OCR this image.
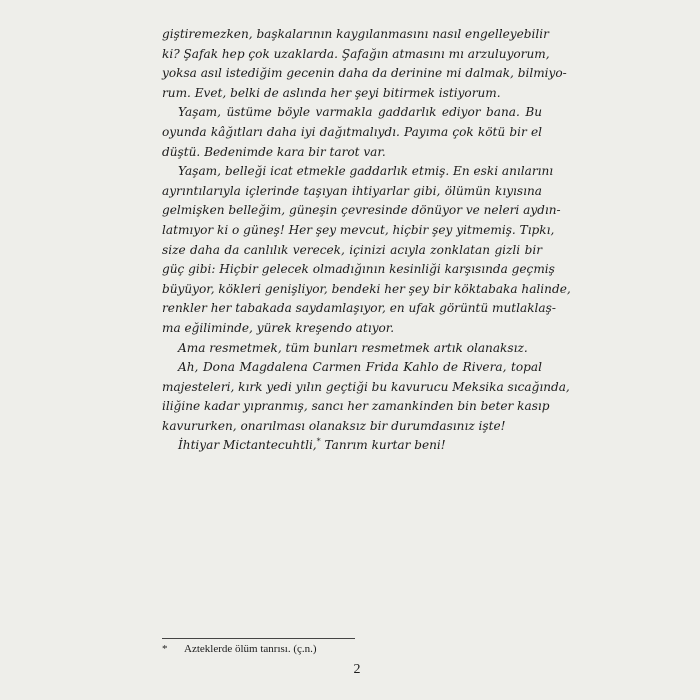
giştiremezken, başkalarının kaygılanmasını nasıl engelleyebilir
ki? Şafak hep çok uzaklarda. Şafağın atmasını mı arzuluyorum,
yoksa asıl istediğim gecenin daha da derinine mi dalmak, bilmiyo-
rum. Evet, belki de aslında her şeyi bitirmek istiyorum.
Yaşam, üstüme böyle varmakla gaddarlık ediyor bana. Bu
oyunda kâğıtları daha iyi dağıtmalıydı. Payıma çok kötü bir el
düştü. Bedenimde kara bir tarot var.
Yaşam, belleği icat etmekle gaddarlık etmiş. En eski anılarını
ayrıntılarıyla içlerinde taşıyan ihtiyarlar gibi, ölümün kıyısına
gelmişken belleğim, güneşin çevresinde dönüyor ve neleri aydın-
latmıyor ki o güneş! Her şey mevcut, hiçbir şey yitmemiş. Tıpkı,
size daha da canlılık verecek, içinizi acıyla zonklatan gizli bir
güç gibi: Hiçbir gelecek olmadığının kesinliği karşısında geçmiş
büyüyor, kökleri genişliyor, bendeki her şey bir köktabaka halinde,
renkler her tabakada saydamlaşıyor, en ufak görüntü mutlaklaş-
ma eğiliminde, yürek kreşendo atıyor.
Ama resmetmek, tüm bunları resmetmek artık olanaksız.
Ah, Dona Magdalena Carmen Frida Kahlo de Rivera, topal
majesteleri, kırk yedi yılın geçtiği bu kavurucu Meksika sıcağında,
iliğine kadar yıpranmış, sancı her zamankinden bin beter kasıp
kavururken, onarılması olanaksız bir durumdasınız işte!
İhtiyar Mictantecuhtli,* Tanrım kurtar beni!
* Azteklerde ölüm tanrısı. (ç.n.)
2
